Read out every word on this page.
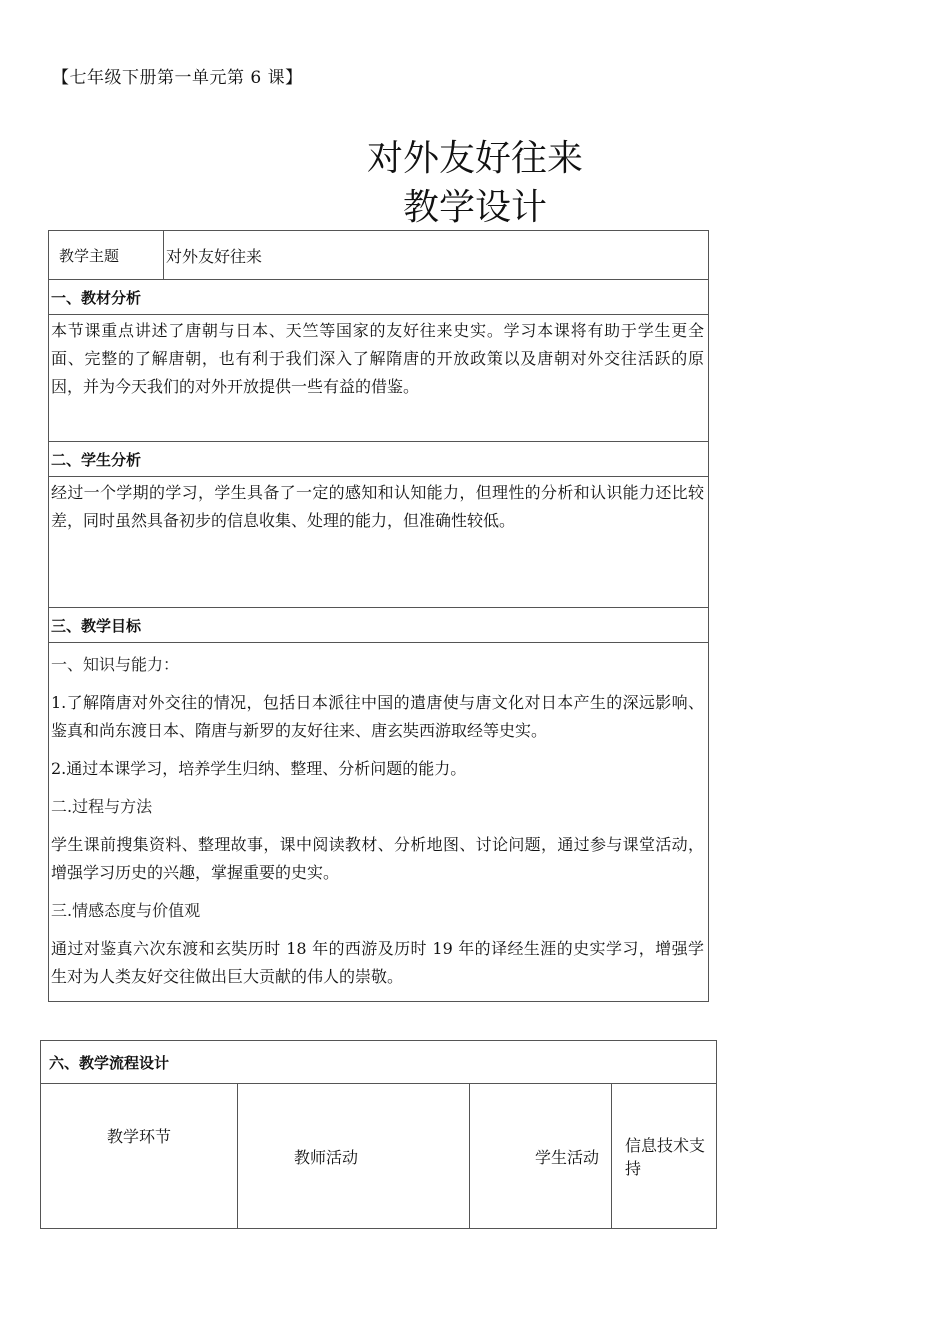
【七年级下册第一单元第 6 课】
对外友好往来
教学设计
教学主题	对外友好往来
一、教材分析

本节课重点讲述了唐朝与日本、天竺等国家的友好往来史实。学习本课将有助于学生更全面、完整的了解唐朝，也有利于我们深入了解隋唐的开放政策以及唐朝对外交往活跃的原因，并为今天我们的对外开放提供一些有益的借鉴。

二、学生分析

经过一个学期的学习，学生具备了一定的感知和认知能力，但理性的分析和认识能力还比较差，同时虽然具备初步的信息收集、处理的能力，但准确性较低。

三、教学目标

一、知识与能力：
1.了解隋唐对外交往的情况，包括日本派往中国的遣唐使与唐文化对日本产生的深远影响、鉴真和尚东渡日本、隋唐与新罗的友好往来、唐玄奘西游取经等史实。
2.通过本课学习，培养学生归纳、整理、分析问题的能力。
二.过程与方法
学生课前搜集资料、整理故事，课中阅读教材、分析地图、讨论问题，通过参与课堂活动，增强学习历史的兴趣，掌握重要的史实。
三.情感态度与价值观
通过对鉴真六次东渡和玄奘历时 18 年的西游及历时 19 年的译经生涯的史实学习，增强学生对为人类友好交往做出巨大贡献的伟人的崇敬。
六、教学流程设计
教学环节	教师活动	学生活动	信息技术支持
